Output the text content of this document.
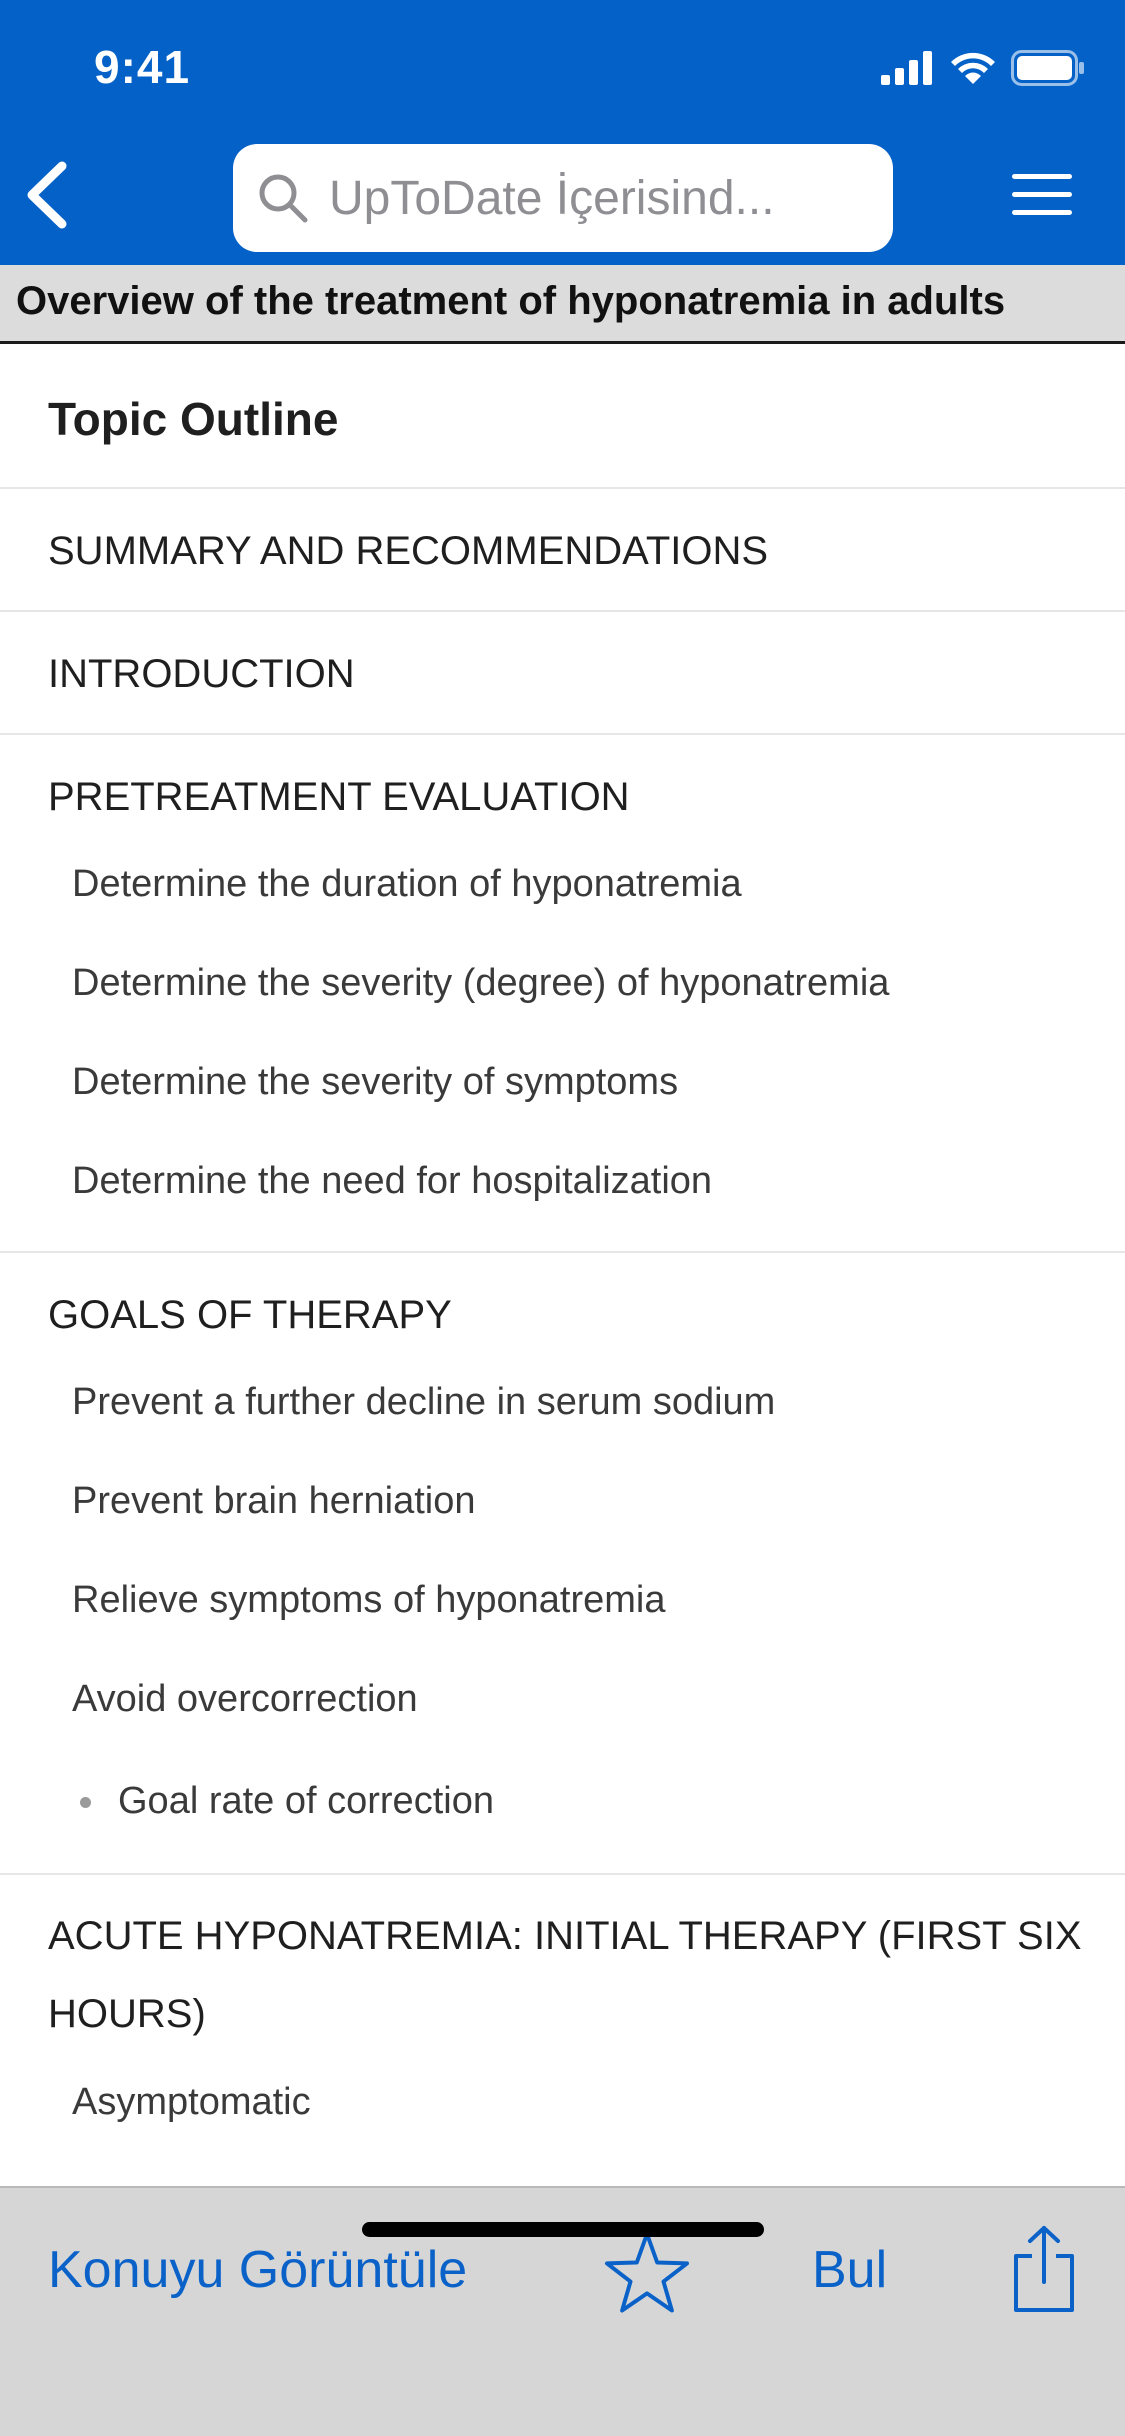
9:41
UpToDate İçerisind...
Overview of the treatment of hyponatremia in adults
Topic Outline
SUMMARY AND RECOMMENDATIONS
INTRODUCTION
PRETREATMENT EVALUATION
Determine the duration of hyponatremia
Determine the severity (degree) of hyponatremia
Determine the severity of symptoms
Determine the need for hospitalization
GOALS OF THERAPY
Prevent a further decline in serum sodium
Prevent brain herniation
Relieve symptoms of hyponatremia
Avoid overcorrection
Goal rate of correction
ACUTE HYPONATREMIA: INITIAL THERAPY (FIRST SIX HOURS)
Asymptomatic
Konuyu Görüntüle	Bul
